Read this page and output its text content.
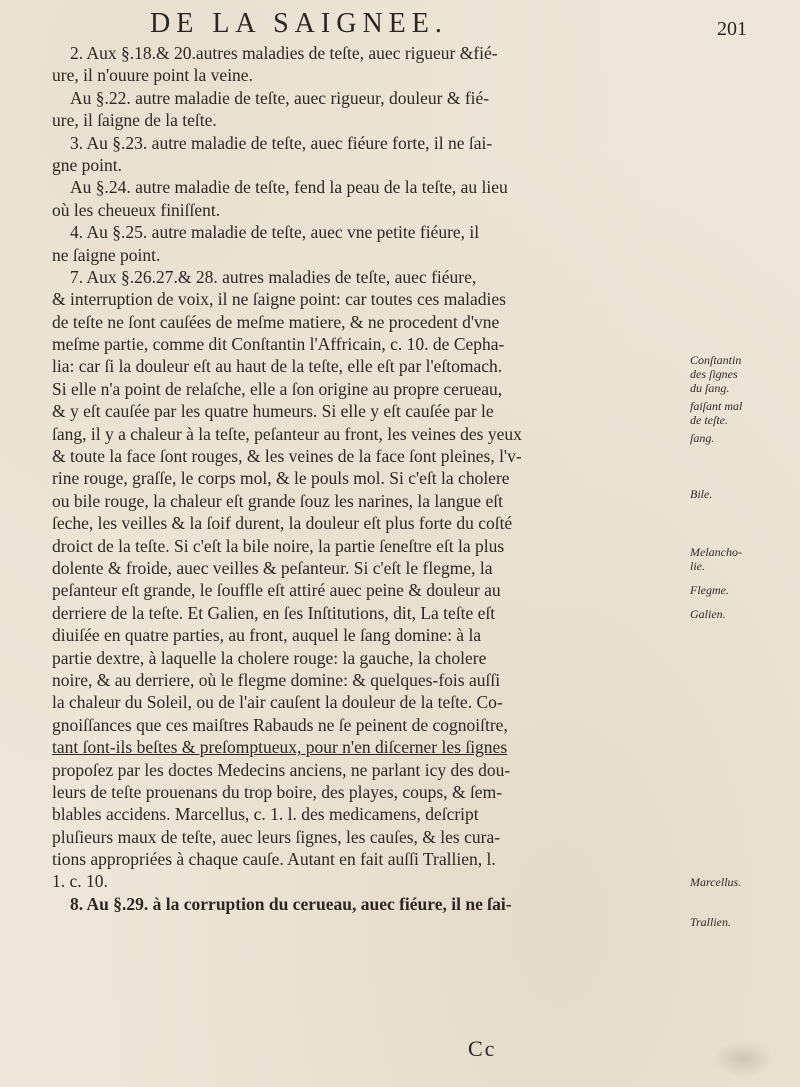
DE LA SAIGNEE.	201
2. Aux §.18.& 20.autres maladies de teſte, auec rigueur &fié-
ure, il n'ouure point la veine.
Au §.22. autre maladie de teſte, auec rigueur, douleur & fié-
ure, il ſaigne de la teſte.
3. Au §.23. autre maladie de teſte, auec fiéure forte, il ne ſai-
gne point.
Au §.24. autre maladie de teſte, fend la peau de la teſte, au lieu
où les cheueux finiſſent.
4. Au §.25. autre maladie de teſte, auec vne petite fiéure, il
ne ſaigne point.
7. Aux §.26.27.& 28. autres maladies de teſte, auec fiéure,
& interruption de voix, il ne ſaigne point: car toutes ces maladies
de teſte ne ſont cauſées de meſme matiere, & ne procedent d'vne
meſme partie, comme dit Conſtantin l'Affricain, c. 10. de Cepha-
lia: car ſi la douleur eſt au haut de la teſte, elle eſt par l'eſtomach.
Si elle n'a point de relaſche, elle a ſon origine au propre cerueau,
& y eſt cauſée par les quatre humeurs. Si elle y eſt cauſée par le
ſang, il y a chaleur à la teſte, peſanteur au front, les veines des yeux
& toute la face ſont rouges, & les veines de la face ſont pleines, l'v-
rine rouge, graſſe, le corps mol, & le pouls mol. Si c'eſt la cholere
ou bile rouge, la chaleur eſt grande ſouz les narines, la langue eſt
ſeche, les veilles & la ſoif durent, la douleur eſt plus forte du coſté
droict de la teſte. Si c'eſt la bile noire, la partie ſeneſtre eſt la plus
dolente & froide, auec veilles & peſanteur. Si c'eſt le flegme, la
peſanteur eſt grande, le ſouffle eſt attiré auec peine & douleur au
derriere de la teſte. Et Galien, en ſes Inſtitutions, dit, La teſte eſt
diuiſée en quatre parties, au front, auquel le ſang domine: à la
partie dextre, à laquelle la cholere rouge: la gauche, la cholere
noire, & au derriere, où le flegme domine: & quelques-fois auſſi
la chaleur du Soleil, ou de l'air cauſent la douleur de la teſte. Co-
gnoiſſances que ces maiſtres Rabauds ne ſe peinent de cognoiſtre,
tant ſont-ils beſtes & preſomptueux, pour n'en diſcerner les ſignes
propoſez par les doctes Medecins anciens, ne parlant icy des dou-
leurs de teſte prouenans du trop boire, des playes, coups, & ſem-
blables accidens. Marcellus, c. 1. l. des medicamens, deſcript
pluſieurs maux de teſte, auec leurs ſignes, les cauſes, & les cura-
tions appropriées à chaque cauſe. Autant en fait auſſi Trallien, l.
1. c. 10.
8. Au §.29. à la corruption du cerueau, auec fiéure, il ne ſai-
Conſtantin
des ſignes
du ſang.
faiſant mal
de teſte.
ſang.
Bile.
Melancho-
lie.
Flegme.
Galien.
Marcellus.
Trallien.
Cc
